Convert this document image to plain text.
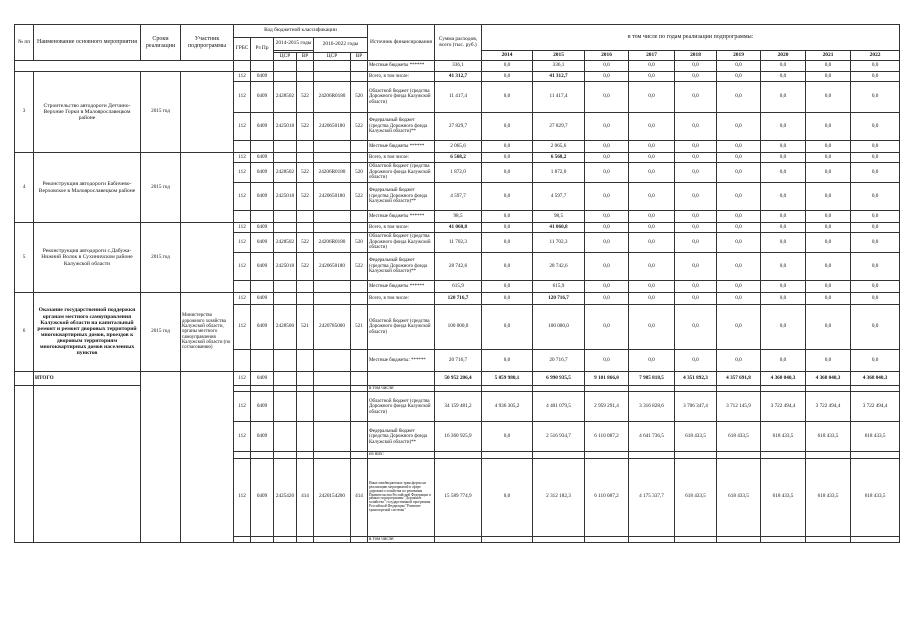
№ пп	Наименование основного мероприятия	Сроки реализации	Участник подпрограммы	Код бюджетной классификации						Источник финансирования	Сумма расходов, всего (тыс. руб.)	в том числе по годам реализации подпрограммы:								
				ГРБС	Рз Пр	2014-2015 годы		2016-2022 годы												
												2014	2015	2016	2017	2018	2019	2020	2021	2022
						ЦСР	ВР	ЦСР	ВР											
										Местные бюджеты ******	336,1	0,0	336,1	0,0	0,0	0,0	0,0	0,0	0,0	0,0
3	Строительство автодороги Детчино-Верхние Горки в Малоярославецком районе	2015 год		112	0409					Всего, в том числе:	41 312,7	0,0	41 312,7	0,0	0,0	0,0	0,0	0,0	0,0	0,0
				112	0409	2428502	522	24206R0180	520	Областной бюджет (средства Дорожного фонда Калужской области)	11 417,4	0,0	11 417,4	0,0	0,0	0,0	0,0	0,0	0,0	0,0
				112	0409	2425018	522	2420650180	522	Федеральный бюджет (средства Дорожного фонда Калужской области)**	27 829,7	0,0	27 829,7	0,0	0,0	0,0	0,0	0,0	0,0	0,0
										Местные бюджеты ******	2 065,6	0,0	2 065,6	0,0	0,0	0,0	0,0	0,0	0,0	0,0
4	Реконструкция автодороги Бабичево-Верховское в Малоярославецком районе	2015 год		112	0409					Всего, в том числе:	6 568,2	0,0	6 568,2	0,0	0,0	0,0	0,0	0,0	0,0	0,0
				112	0409	2428502	522	24206R0180	520	Областной бюджет (средства Дорожного фонда Калужской области)	1 872,0	0,0	1 872,0	0,0	0,0	0,0	0,0	0,0	0,0	0,0
				112	0409	2425018	522	2420650180	522	Федеральный бюджет (средства Дорожного фонда Калужской области)**	4 597,7	0,0	4 597,7	0,0	0,0	0,0	0,0	0,0	0,0	0,0
										Местные бюджеты ******	98,5	0,0	98,5	0,0	0,0	0,0	0,0	0,0	0,0	0,0
5	Реконструкция автодороги с.Дабужа-Нижний Волок в Сухиничском районе Калужской области	2015 год		112	0409					Всего, в том числе:	41 060,8	0,0	41 060,8	0,0	0,0	0,0	0,0	0,0	0,0	0,0
				112	0409	2428502	522	24206R0180	520	Областной бюджет (средства Дорожного фонда Калужской области)	11 702,3	0,0	11 702,3	0,0	0,0	0,0	0,0	0,0	0,0	0,0
				112	0409	2425018	522	2420650180	522	Федеральный бюджет (средства Дорожного фонда Калужской области)**	28 742,6	0,0	28 742,6	0,0	0,0	0,0	0,0	0,0	0,0	0,0
										Местные бюджеты ******	615,9	0,0	615,9	0,0	0,0	0,0	0,0	0,0	0,0	0,0
6	Оказание государственной поддержки органам местного самоуправления Калужской области на капитальный ремонт и ремонт дворовых территорий многоквартирных домов, проездов к дворовым территориям многоквартирных домов населенных пунктов	2015 год	Министерство дорожного хозяйства Калужской области, органы местного самоуправления Калужской области (по согласованию)	112	0409					Всего, в том числе:	120 716,7	0,0	120 716,7	0,0	0,0	0,0	0,0	0,0	0,0	0,0
				112	0409	2428500	521	2420785000	521	Областной бюджет (средства Дорожного фонда Калужской области)	100 000,0	0,0	100 000,0	0,0	0,0	0,0	0,0	0,0	0,0	0,0
										Местные бюджеты: ******	20 716,7	0,0	20 716,7	0,0	0,0	0,0	0,0	0,0	0,0	0,0
	ИТОГО			112	0409						50 952 206,4	5 059 980,1	6 990 935,5	9 101 866,0	7 985 818,5	4 351 892,3	4 357 691,8	4 368 040,3	4 368 040,3	4 368 040,3
										в том числе:										
				112	0409					Областной бюджет (средства Дорожного фонда Калужской области)	34 159 481,2	4 936 305,2	4 401 079,5	2 959 291,4	3 316 828,6	3 706 347,4	3 712 145,9	3 722 494,4	3 722 494,4	3 722 494,4
				112	0409					Федеральный бюджет (средства Дорожного фонда Калужской области)**	16 360 925,9	0,0	2 516 934,7	6 110 087,2	4 641 736,5	618 433,5	618 433,5	618 433,5	618 433,5	618 433,5
										из них:										
				112	0409	2425420	414	2420154200	414	Иные межбюджетные трансферты на реализацию мероприятий в сфере дорожного хозяйства по решениям Правительства Российской Федерации в рамках подпрограммы "Дорожное хозяйство" государственной программы Российской Федерации "Развитие транспортной системы"	15 589 774,9	0,0	2 312 182,3	6 110 087,2	4 175 337,7	618 433,5	618 433,5	618 433,5	618 433,5	618 433,5
										в том числе:										
